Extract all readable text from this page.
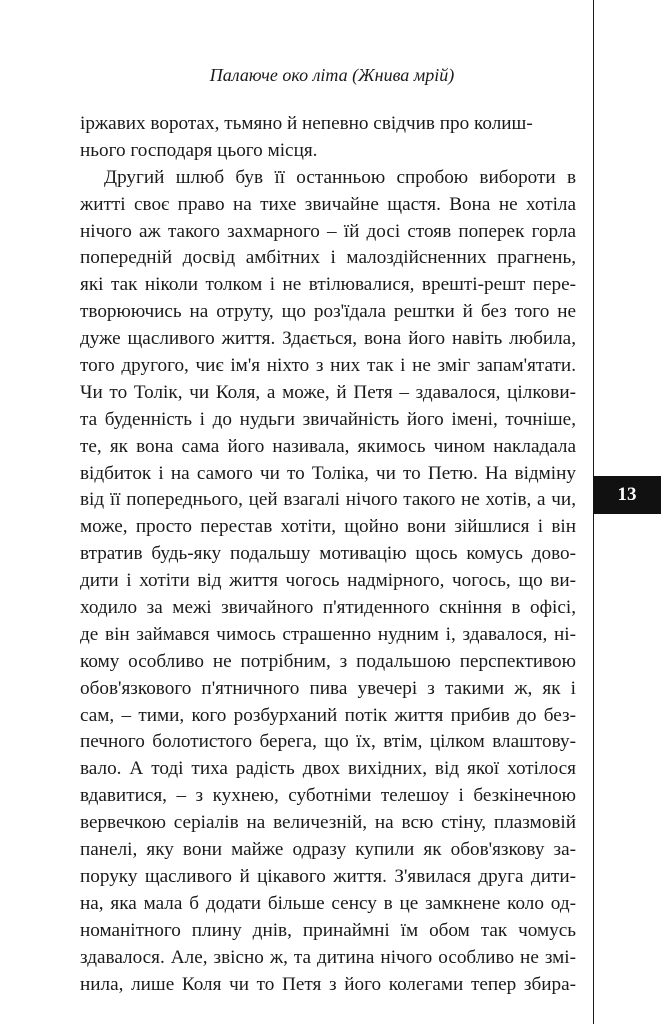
Палаюче око літа (Жнива мрій)
іржавих воротах, тьмяно й непевно свідчив про колиш-
нього господаря цього місця.
Другий шлюб був її останньою спробою вибороти в
житті своє право на тихе звичайне щастя. Вона не хотіла
нічого аж такого захмарного – їй досі стояв поперек горла
попередній досвід амбітних і малоздійсненних прагнень,
які так ніколи толком і не втілювалися, врешті-решт пере-
творюючись на отруту, що роз'їдала рештки й без того не
дуже щасливого життя. Здається, вона його навіть любила,
того другого, чиє ім'я ніхто з них так і не зміг запам'ятати.
Чи то Толік, чи Коля, а може, й Петя – здавалося, цілкови-
та буденність і до нудьги звичайність його імені, точніше,
те, як вона сама його називала, якимось чином накладала
відбиток і на самого чи то Толіка, чи то Петю. На відміну
від її попереднього, цей взагалі нічого такого не хотів, а чи,
може, просто перестав хотіти, щойно вони зійшлися і він
втратив будь-яку подальшу мотивацію щось комусь дово-
дити і хотіти від життя чогось надмірного, чогось, що ви-
ходило за межі звичайного п'ятиденного скніння в офісі,
де він займався чимось страшенно нудним і, здавалося, ні-
кому особливо не потрібним, з подальшою перспективою
обов'язкового п'ятничного пива увечері з такими ж, як і
сам, – тими, кого розбурханий потік життя прибив до без-
печного болотистого берега, що їх, втім, цілком влаштову-
вало. А тоді тиха радість двох вихідних, від якої хотілося
вдавитися, – з кухнею, суботніми телешоу і безкінечною
вервечкою серіалів на величезній, на всю стіну, плазмовій
панелі, яку вони майже одразу купили як обов'язкову за-
пoруку щасливого й цікавого життя. З'явилася друга дити-
на, яка мала б додати більше сенсу в це замкнене коло од-
номанітного плину днів, принаймні їм обом так чомусь
здавалося. Але, звісно ж, та дитина нічого особливо не змі-
нила, лише Коля чи то Петя з його колегами тепер збира-
13
